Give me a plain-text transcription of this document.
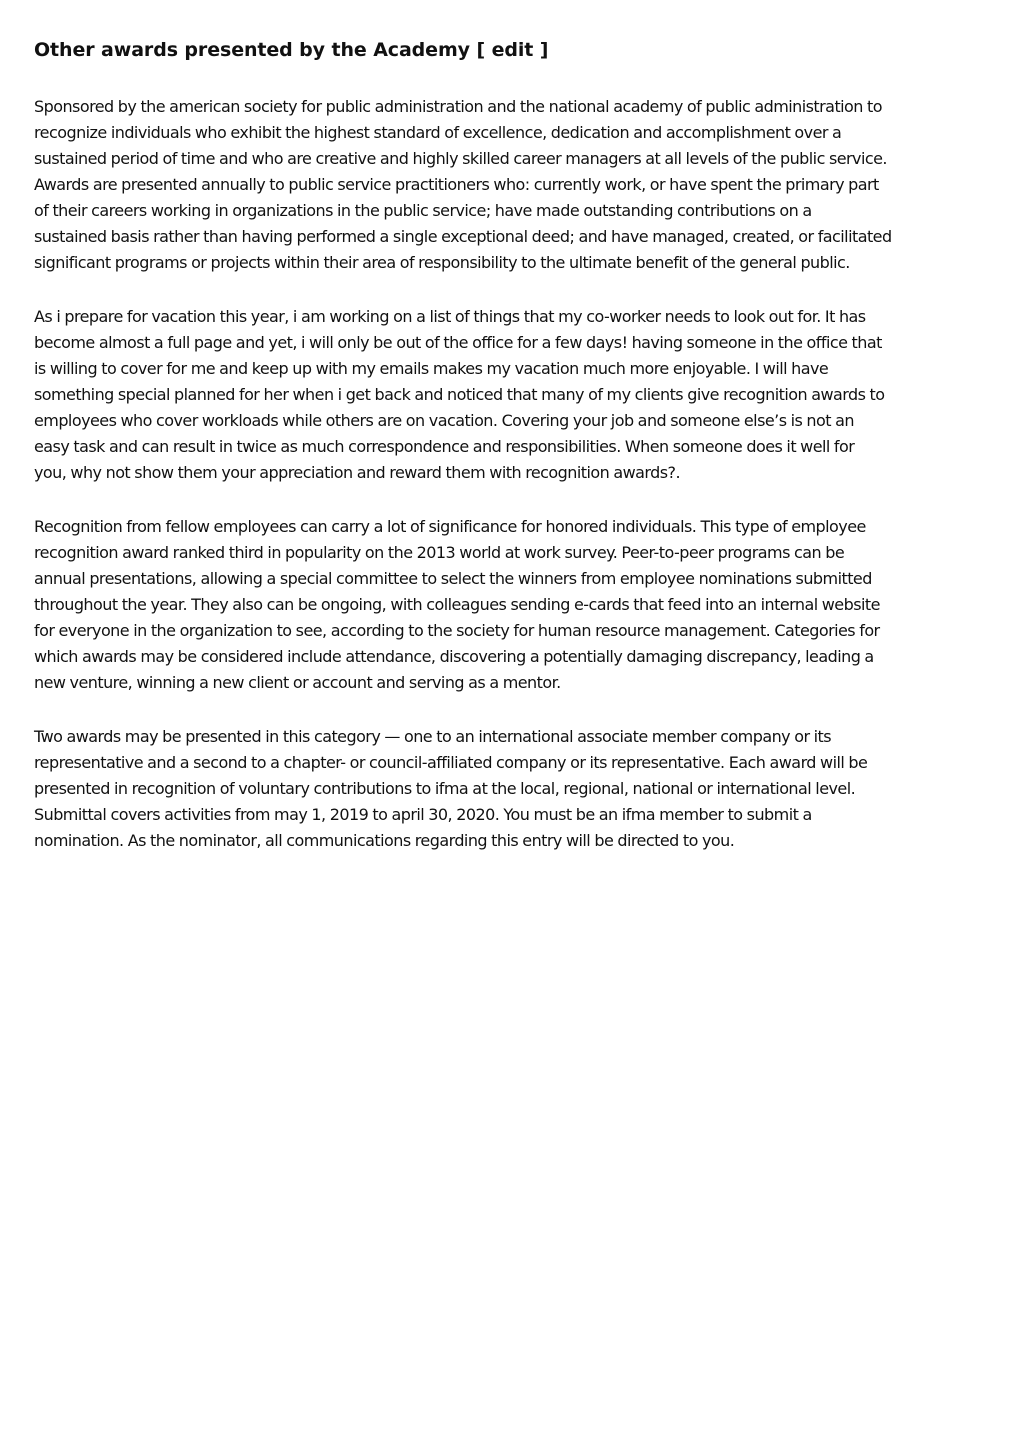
Other awards presented by the Academy [ edit ]

Sponsored by the american society for public administration and the national academy of public administration to
recognize individuals who exhibit the highest standard of excellence, dedication and accomplishment over a
sustained period of time and who are creative and highly skilled career managers at all levels of the public service.
Awards are presented annually to public service practitioners who: currently work, or have spent the primary part
of their careers working in organizations in the public service; have made outstanding contributions on a
sustained basis rather than having performed a single exceptional deed; and have managed, created, or facilitated
significant programs or projects within their area of responsibility to the ultimate benefit of the general public.

As i prepare for vacation this year, i am working on a list of things that my co-worker needs to look out for. It has
become almost a full page and yet, i will only be out of the office for a few days! having someone in the office that
is willing to cover for me and keep up with my emails makes my vacation much more enjoyable. I will have
something special planned for her when i get back and noticed that many of my clients give recognition awards to
employees who cover workloads while others are on vacation. Covering your job and someone else’s is not an
easy task and can result in twice as much correspondence and responsibilities. When someone does it well for
you, why not show them your appreciation and reward them with recognition awards?.

Recognition from fellow employees can carry a lot of significance for honored individuals. This type of employee
recognition award ranked third in popularity on the 2013 world at work survey. Peer-to-peer programs can be
annual presentations, allowing a special committee to select the winners from employee nominations submitted
throughout the year. They also can be ongoing, with colleagues sending e-cards that feed into an internal website
for everyone in the organization to see, according to the society for human resource management. Categories for
which awards may be considered include attendance, discovering a potentially damaging discrepancy, leading a
new venture, winning a new client or account and serving as a mentor.

Two awards may be presented in this category — one to an international associate member company or its
representative and a second to a chapter- or council-affiliated company or its representative. Each award will be
presented in recognition of voluntary contributions to ifma at the local, regional, national or international level.
Submittal covers activities from may 1, 2019 to april 30, 2020. You must be an ifma member to submit a
nomination. As the nominator, all communications regarding this entry will be directed to you.
